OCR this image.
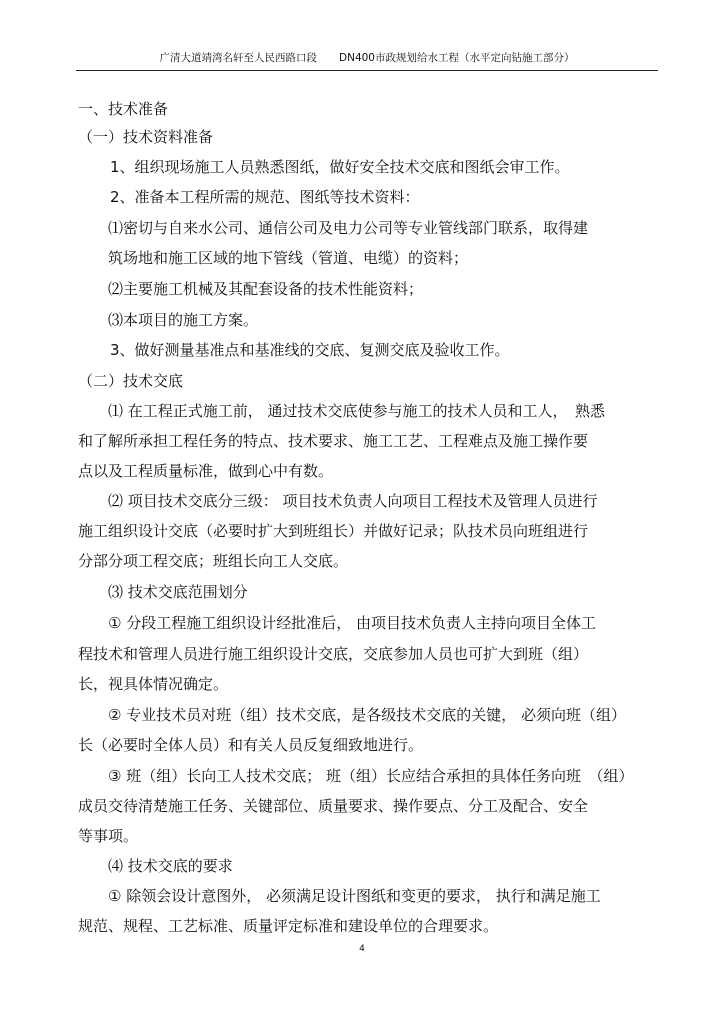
广清大道靖湾名轩至人民西路口段 DN400市政规划给水工程（水平定向钻施工部分）
一、技术准备
（一）技术资料准备
1、组织现场施工人员熟悉图纸，做好安全技术交底和图纸会审工作。
2、准备本工程所需的规范、图纸等技术资料：
⑴密切与自来水公司、通信公司及电力公司等专业管线部门联系，取得建
筑场地和施工区域的地下管线（管道、电缆）的资料；
⑵主要施工机械及其配套设备的技术性能资料；
⑶本项目的施工方案。
3、做好测量基准点和基准线的交底、复测交底及验收工作。
（二）技术交底
⑴ 在工程正式施工前， 通过技术交底使参与施工的技术人员和工人，　熟悉
和了解所承担工程任务的特点、技术要求、施工工艺、工程难点及施工操作要
点以及工程质量标准，做到心中有数。
⑵ 项目技术交底分三级： 项目技术负责人向项目工程技术及管理人员进行
施工组织设计交底（必要时扩大到班组长）并做好记录；队技术员向班组进行
分部分项工程交底；班组长向工人交底。
⑶ 技术交底范围划分
① 分段工程施工组织设计经批准后， 由项目技术负责人主持向项目全体工
程技术和管理人员进行施工组织设计交底，交底参加人员也可扩大到班（组）
长，视具体情况确定。
② 专业技术员对班（组）技术交底，是各级技术交底的关键， 必须向班（组）
长（必要时全体人员）和有关人员反复细致地进行。
③ 班（组）长向工人技术交底； 班（组）长应结合承担的具体任务向班　（组）
成员交待清楚施工任务、关键部位、质量要求、操作要点、分工及配合、安全
等事项。
⑷ 技术交底的要求
① 除领会设计意图外， 必须满足设计图纸和变更的要求， 执行和满足施工
规范、规程、工艺标准、质量评定标准和建设单位的合理要求。
4
